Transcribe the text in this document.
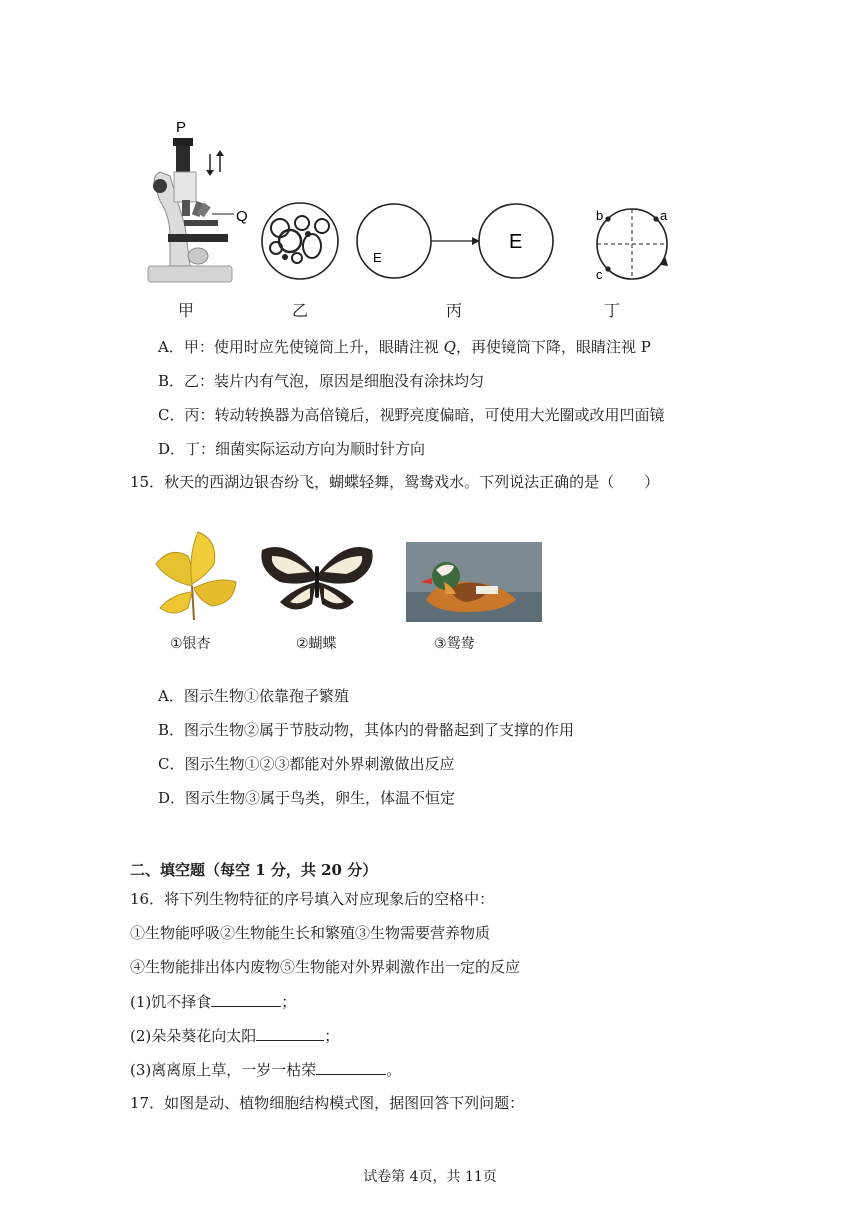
P
Q
E
E
b	a
c
甲	乙	丙	丁
A．甲：使用时应先使镜筒上升，眼睛注视 Q，再使镜筒下降，眼睛注视 P
B．乙：装片内有气泡，原因是细胞没有涂抹均匀
C．丙：转动转换器为高倍镜后，视野亮度偏暗，可使用大光圈或改用凹面镜
D．丁：细菌实际运动方向为顺时针方向
15．秋天的西湖边银杏纷飞，蝴蝶轻舞，鸳鸯戏水。下列说法正确的是（　　）
①银杏	②蝴蝶	③鸳鸯
A．图示生物①依靠孢子繁殖
B．图示生物②属于节肢动物，其体内的骨骼起到了支撑的作用
C．图示生物①②③都能对外界刺激做出反应
D．图示生物③属于鸟类，卵生，体温不恒定
二、填空题（每空 1 分，共 20 分）
16．将下列生物特征的序号填入对应现象后的空格中：
①生物能呼吸②生物能生长和繁殖③生物需要营养物质
④生物能排出体内废物⑤生物能对外界刺激作出一定的反应
(1)饥不择食	；
(2)朵朵葵花向太阳	；
(3)离离原上草，一岁一枯荣	。
17．如图是动、植物细胞结构模式图，据图回答下列问题：
试卷第 4页，共 11页
